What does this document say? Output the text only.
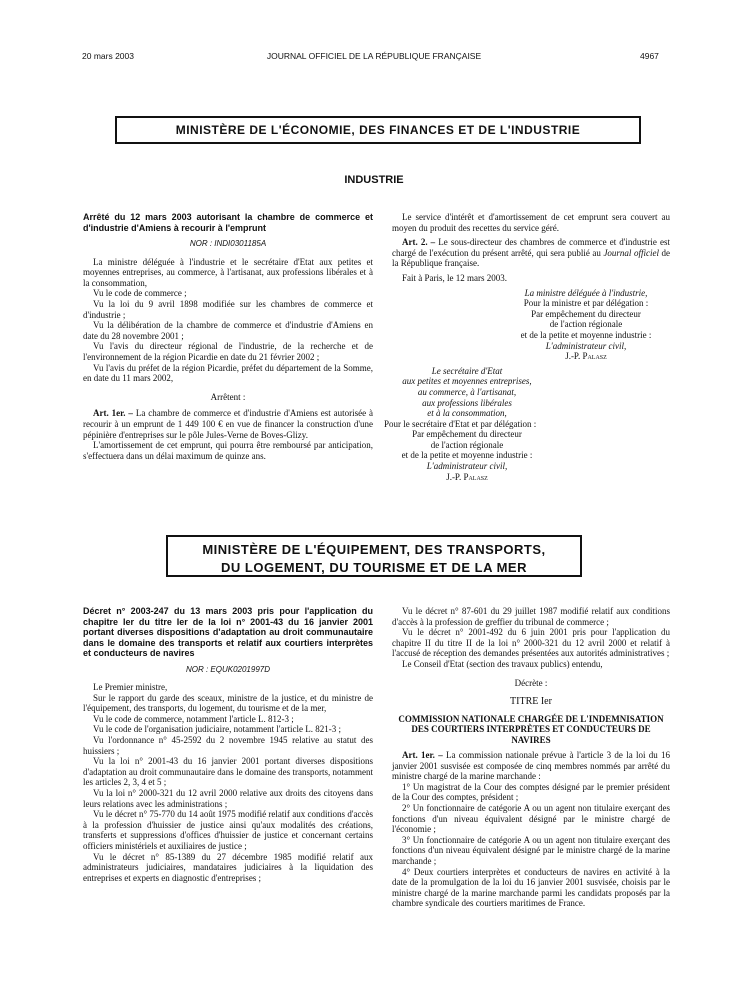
20 mars 2003	JOURNAL OFFICIEL DE LA RÉPUBLIQUE FRANÇAISE	4967
MINISTÈRE DE L'ÉCONOMIE, DES FINANCES ET DE L'INDUSTRIE
INDUSTRIE
Arrêté du 12 mars 2003 autorisant la chambre de commerce et d'industrie d'Amiens à recourir à l'emprunt
NOR : INDI0301185A

La ministre déléguée à l'industrie et le secrétaire d'Etat aux petites et moyennes entreprises, au commerce, à l'artisanat, aux professions libérales et à la consommation,

Vu le code de commerce ;

Vu la loi du 9 avril 1898 modifiée sur les chambres de commerce et d'industrie ;

Vu la délibération de la chambre de commerce et d'industrie d'Amiens en date du 28 novembre 2001 ;

Vu l'avis du directeur régional de l'industrie, de la recherche et de l'environnement de la région Picardie en date du 21 février 2002 ;

Vu l'avis du préfet de la région Picardie, préfet du département de la Somme, en date du 11 mars 2002,

Arrêtent :

Art. 1er. – La chambre de commerce et d'industrie d'Amiens est autorisée à recourir à un emprunt de 1 449 100 € en vue de financer la construction d'une pépinière d'entreprises sur le pôle Jules-Verne de Boves-Glizy.

L'amortissement de cet emprunt, qui pourra être remboursé par anticipation, s'effectuera dans un délai maximum de quinze ans.

Le service d'intérêt et d'amortissement de cet emprunt sera couvert au moyen du produit des recettes du service géré.

Art. 2. – Le sous-directeur des chambres de commerce et d'industrie est chargé de l'exécution du présent arrêté, qui sera publié au Journal officiel de la République française.

Fait à Paris, le 12 mars 2003.

La ministre déléguée à l'industrie,
Pour la ministre et par délégation :
Par empêchement du directeur
de l'action régionale
et de la petite et moyenne industrie :
L'administrateur civil,
J.-P. Palasz
Le secrétaire d'Etat
aux petites et moyennes entreprises,
au commerce, à l'artisanat,
aux professions libérales
et à la consommation,
Pour le secrétaire d'Etat et par délégation :
Par empêchement du directeur
de l'action régionale
et de la petite et moyenne industrie :
L'administrateur civil,
J.-P. Palasz
MINISTÈRE DE L'ÉQUIPEMENT, DES TRANSPORTS,
DU LOGEMENT, DU TOURISME ET DE LA MER
Décret n° 2003-247 du 13 mars 2003 pris pour l'application du chapitre Ier du titre Ier de la loi n° 2001-43 du 16 janvier 2001 portant diverses dispositions d'adaptation au droit communautaire dans le domaine des transports et relatif aux courtiers interprètes et conducteurs de navires
NOR : EQUK0201997D

Le Premier ministre,

Sur le rapport du garde des sceaux, ministre de la justice, et du ministre de l'équipement, des transports, du logement, du tourisme et de la mer,

Vu le code de commerce, notamment l'article L. 812-3 ;

Vu le code de l'organisation judiciaire, notamment l'article L. 821-3 ;

Vu l'ordonnance n° 45-2592 du 2 novembre 1945 relative au statut des huissiers ;

Vu la loi n° 2001-43 du 16 janvier 2001 portant diverses dispositions d'adaptation au droit communautaire dans le domaine des transports, notamment les articles 2, 3, 4 et 5 ;

Vu la loi n° 2000-321 du 12 avril 2000 relative aux droits des citoyens dans leurs relations avec les administrations ;

Vu le décret n° 75-770 du 14 août 1975 modifié relatif aux conditions d'accès à la profession d'huissier de justice ainsi qu'aux modalités des créations, transferts et suppressions d'offices d'huissier de justice et concernant certains officiers ministériels et auxiliaires de justice ;

Vu le décret n° 85-1389 du 27 décembre 1985 modifié relatif aux administrateurs judiciaires, mandataires judiciaires à la liquidation des entreprises et experts en diagnostic d'entreprises ;

Vu le décret n° 87-601 du 29 juillet 1987 modifié relatif aux conditions d'accès à la profession de greffier du tribunal de commerce ;

Vu le décret n° 2001-492 du 6 juin 2001 pris pour l'application du chapitre II du titre II de la loi n° 2000-321 du 12 avril 2000 et relatif à l'accusé de réception des demandes présentées aux autorités administratives ;

Le Conseil d'Etat (section des travaux publics) entendu,

Décrète :

TITRE Ier

COMMISSION NATIONALE CHARGÉE DE L'INDEMNISATION DES COURTIERS INTERPRÈTES ET CONDUCTEURS DE NAVIRES

Art. 1er. – La commission nationale prévue à l'article 3 de la loi du 16 janvier 2001 susvisée est composée de cinq membres nommés par arrêté du ministre chargé de la marine marchande :

1° Un magistrat de la Cour des comptes désigné par le premier président de la Cour des comptes, président ;

2° Un fonctionnaire de catégorie A ou un agent non titulaire exerçant des fonctions d'un niveau équivalent désigné par le ministre chargé de l'économie ;

3° Un fonctionnaire de catégorie A ou un agent non titulaire exerçant des fonctions d'un niveau équivalent désigné par le ministre chargé de la marine marchande ;

4° Deux courtiers interprètes et conducteurs de navires en activité à la date de la promulgation de la loi du 16 janvier 2001 susvisée, choisis par le ministre chargé de la marine marchande parmi les candidats proposés par la chambre syndicale des courtiers maritimes de France.
